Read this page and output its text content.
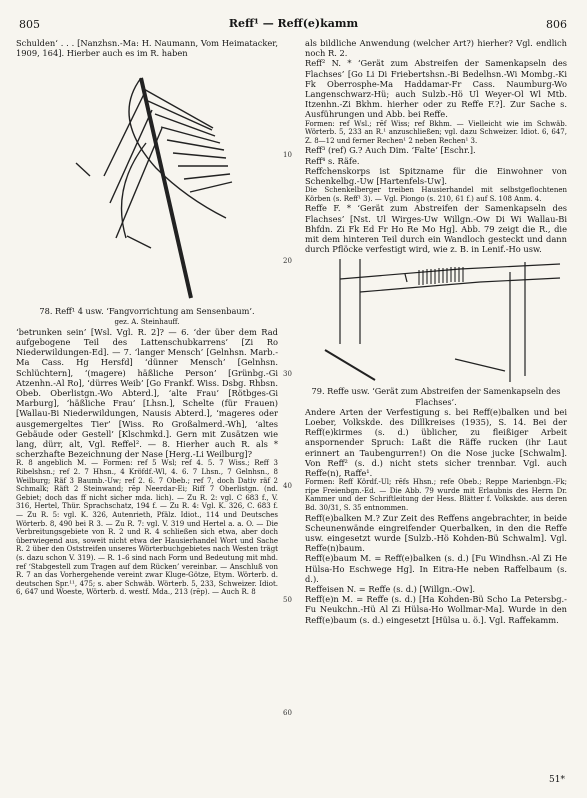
805	Reff¹ — Reff(e)kamm	806

Schulden‘ . . . [Nanzhsn.-Ma: H. Naumann, Vom Heimatacker, 1909, 164]. Hierber auch es im R. haben

78. Reff¹ 4 usw. ‘Fangvorrichtung am Sensenbaum’.

gez. A. Steinhauff.

‘betrunken sein’ [Wsl. Vgl. R. 2]? — 6. ‘der über dem Rad aufgebogene Teil des Lattenschubkarrens’ [Zi Ro Niederwildungen-Ed]. — 7. ‘langer Mensch’ [Gelnhsn. Marb.-Ma Cass. Hg Hersfd] ‘dünner Mensch’ [Gelnhsn. Schlüchtern], ‘(magere) häßliche Person’ [Grünbg.-Gi Atzenhn.-Al Ro], ‘dürres Weib’ [Go Frankf. Wiss. Dsbg. Rhbsn. Obeb. Oberlistgn.-Wo Abterd.], ‘alte Frau’ [Rötbges-Gi Marburg], ‘häßliche Frau’ [Lhsn.], Schelte (für Frauen) [Wallau-Bi Niederwildungen, Nausis Abterd.], ‘mageres oder ausgemergeltes Tier’ [Wiss. Ro Großalmerd.-Wh], ‘altes Gebäude oder Gestell’ [Klschmkd.]. Gern mit Zusätzen wie lang, dürr, alt, Vgl. Reffel². — 8. Hierher auch R. als * scherzhafte Bezeichnung der Nase [Herg.-Li Weilburg]?

R. 8 angeblich M. — Formen: ref 5 Wsl; ref 4. 5. 7 Wiss.; Reff 3 Ribelshsn.; ref 2. 7 Hhsn., 4 Kröfdf.-Wl, 4. 6. 7 Lhsn., 7 Gelnhsn., 8 Weilburg; Räf 3 Baumb.-Uw; ref 2. 6. 7 Obeb.; ref 7, doch Dativ räf 2 Schmalk; Räft 2 Steinwand; rēp Neerdar-Ei; Riff 7 Oberlistgn. (nd. Gebiet; doch das ff nicht sicher mda. lich). — Zu R. 2: vgl. C 683 f., V. 316, Hertel, Thür. Sprachschatz, 194 f. — Zu R. 4: Vgl. K. 326, C. 683 f. — Zu R. 5: vgl. K. 326, Autenrieth, Pfälz. Idiot., 114 und Deutsches Wörterb. 8, 490 bei R 3. — Zu R. 7: vgl. V. 319 und Hertel a. a. O. — Die Verbreitungsgebiete von R. 2 und R. 4 schließen sich etwa, aber doch überwiegend aus, soweit nicht etwa der Hausierhandel Wort und Sache R. 2 über den Oststreifen unseres Wörterbuchgebietes nach Westen trägt (s. dazu schon V. 319). — R. 1–6 sind nach Form und Bedeutung mit mhd. ref ‘Stabgestell zum Tragen auf dem Rücken’ vereinbar. — Anschluß von R. 7 an das Vorhergehende vereint zwar Kluge-Götze, Etym. Wörterb. d. deutschen Spr.¹¹, 475; s. aber Schwäb. Wörterb. 5, 233, Schweizer. Idiot. 6, 647 und Woeste, Wörterb. d. westf. Mda., 213 (rēp). — Auch R. 8

10
20
30
40
50
60

als bildliche Anwendung (welcher Art?) hierher? Vgl. endlich noch R. 2.

Reff² N. * ‘Gerät zum Abstreifen der Samenkapseln des Flachses’ [Go Li Di Friebertshsn.-Bi Bedelhsn.-Wi Mombg.-Ki Fk Oberrosphe-Ma Haddamar-Fr Cass. Naumburg-Wo Langenschwarz-Hü; auch Sulzb.-Hö Ul Weyer-Ol Wl Mtb. Itzenhn.-Zi Bkhm. hierher oder zu Reffe F.?]. Zur Sache s. Ausführungen und Abb. bei Reffe.

Formen: ref Wsl.; rēf Wiss; ref Bkhm. — Vielleicht wie im Schwäb. Wörterb. 5, 233 an R.¹ anzuschließen; vgl. dazu Schweizer. Idiot. 6, 647, Z. 8—12 und ferner Rechen¹ 2 neben Rechen¹ 3.

Reff³ (ref) G.? Auch Dim. ‘Falte’ [Eschr.].

Reff⁴ s. Räfe.

Reffchenskorps ist Spitzname für die Einwohner von Schenkelbg.-Uw [Hartenfels-Uw].

Die Schenkelberger treiben Hausierhandel mit selbstgeflochtenen Körben (s. Reff¹ 3). — Vgl. Piongo (s. 210, 61 f.) auf S. 108 Anm. 4.

Reffe F. * ‘Gerät zum Abstreifen der Samenkapseln des Flachses’ [Nst. Ul Wirges-Uw Willgn.-Ow Di Wi Wallau-Bi Bhfdn. Zi Fk Ed Fr Ho Re Mo Hg]. Abb. 79 zeigt die R., die mit dem hinteren Teil durch ein Wandloch gesteckt und dann durch Pflöcke verfestigt wird, wie z. B. in Lenif.-Ho usw.

79. Reffe usw. ‘Gerät zum Abstreifen der Samenkapseln des Flachses’.

Andere Arten der Verfestigung s. bei Reff(e)balken und bei Loeber, Volkskde. des Dillkreises (1935), S. 14. Bei der Reff(e)kirmes (s. d.) üblicher, zu fleißiger Arbeit anspornender Spruch: Laßt die Räffe rucken (ihr Laut erinnert an Taubengurren!) On die Nose jucke [Schwalm]. Von Reff² (s. d.) nicht stets sicher trennbar. Vgl. auch Reffe(n), Raffe¹.

Formen: Reff Kördf.-Ul; rēfs Hhsn.; refe Obeb.; Reppe Marienbgn.-Fk; ripe Freienbgn.-Ed. — Die Abb. 79 wurde mit Erlaubnis des Herrn Dr. Kammer und der Schriftleitung der Hess. Blätter f. Volkskde. aus deren Bd. 30/31, S. 35 entnommen.

Reff(e)balken M.? Zur Zeit des Reffens angebrachter, in beide Scheunenwände eingreifender Querbalken, in den die Reffe usw. eingesetzt wurde [Sulzb.-Hö Kohden-Bü Schwalm]. Vgl. Reffe(n)baum.

Reff(e)baum M. = Reff(e)balken (s. d.) [Fu Windhsn.-Al Zi He Hülsa-Ho Eschwege Hg]. In Eitra-He neben Raffelbaum (s. d.).

Reffeisen N. = Reffe (s. d.) [Willgn.-Ow].

Reff(e)n M. = Reffe (s. d.) [Ha Kohden-Bü Scho La Petersbg.-Fu Neukchn.-Hü Al Zi Hülsa-Ho Wollmar-Ma]. Wurde in den Reff(e)baum (s. d.) eingesetzt [Hülsa u. ö.]. Vgl. Raffekamm.

51*
